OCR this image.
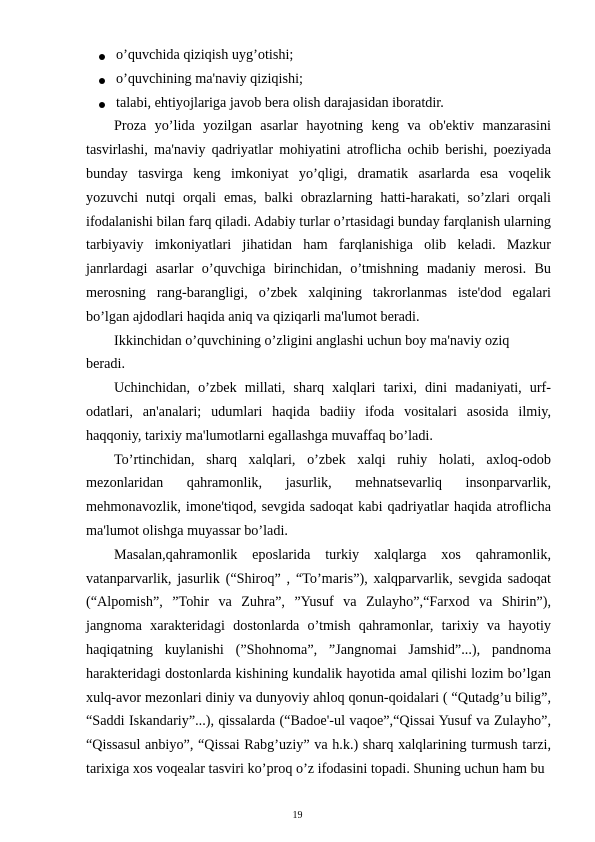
o’quvchida qiziqish uyg’otishi;
o’quvchining ma'naviy qiziqishi;
talabi, ehtiyojlariga javob bera olish darajasidan iboratdir.

Proza yo’lida yozilgan asarlar hayotning keng va ob'ektiv manzarasini tasvirlashi, ma'naviy qadriyatlar mohiyatini atroflicha ochib berishi, poeziyada bunday tasvirga keng imkoniyat yo’qligi, dramatik asarlarda esa voqelik yozuvchi nutqi orqali emas, balki obrazlarning hatti-harakati, so’zlari orqali ifodalanishi bilan farq qiladi. Adabiy turlar o’rtasidagi bunday farqlanish ularning tarbiyaviy imkoniyatlari jihatidan ham farqlanishiga olib keladi. Mazkur janrlardagi asarlar o’quvchiga birinchidan, o’tmishning madaniy merosi. Bu merosning rang-barangligi, o’zbek xalqining takrorlanmas iste'dod egalari bo’lgan ajdodlari haqida aniq va qiziqarli ma'lumot beradi.

Ikkinchidan o’quvchining o’zligini anglashi uchun boy ma'naviy oziq beradi.

Uchinchidan, o’zbek millati, sharq xalqlari tarixi, dini madaniyati, urf-odatlari, an'analari; udumlari haqida badiiy ifoda vositalari asosida ilmiy, haqqoniy, tarixiy ma'lumotlarni egallashga muvaffaq bo’ladi.

To’rtinchidan, sharq xalqlari, o’zbek xalqi ruhiy holati, axloq-odob mezonlaridan qahramonlik, jasurlik, mehnatsevarliq insonparvarlik, mehmonavozlik, imone'tiqod, sevgida sadoqat kabi qadriyatlar haqida atroflicha ma'lumot olishga muyassar bo’ladi.

Masalan,qahramonlik eposlarida turkiy xalqlarga xos qahramonlik, vatanparvarlik, jasurlik (“Shiroq” , “To’maris”), xalqparvarlik, sevgida sadoqat (“Alpomish”, ”Tohir va Zuhra”, ”Yusuf va Zulayho”,“Farxod va Shirin”), jangnoma xarakteridagi dostonlarda o’tmish qahramonlar, tarixiy va hayotiy haqiqatning kuylanishi (”Shohnoma”, ”Jangnomai Jamshid”...), pandnoma harakteridagi dostonlarda kishining kundalik hayotida amal qilishi lozim bo’lgan xulq-avor mezonlari diniy va dunyoviy ahloq qonun-qoidalari ( “Qutadg’u bilig”, “Saddi Iskandariy”...), qissalarda (“Badoe'-ul vaqoe”,“Qissai Yusuf va Zulayho”, “Qissasul anbiyo”, “Qissai Rabg’uziy” va h.k.) sharq xalqlarining turmush tarzi, tarixiga xos voqealar tasviri ko’proq o’z ifodasini topadi. Shuning uchun ham bu

19
